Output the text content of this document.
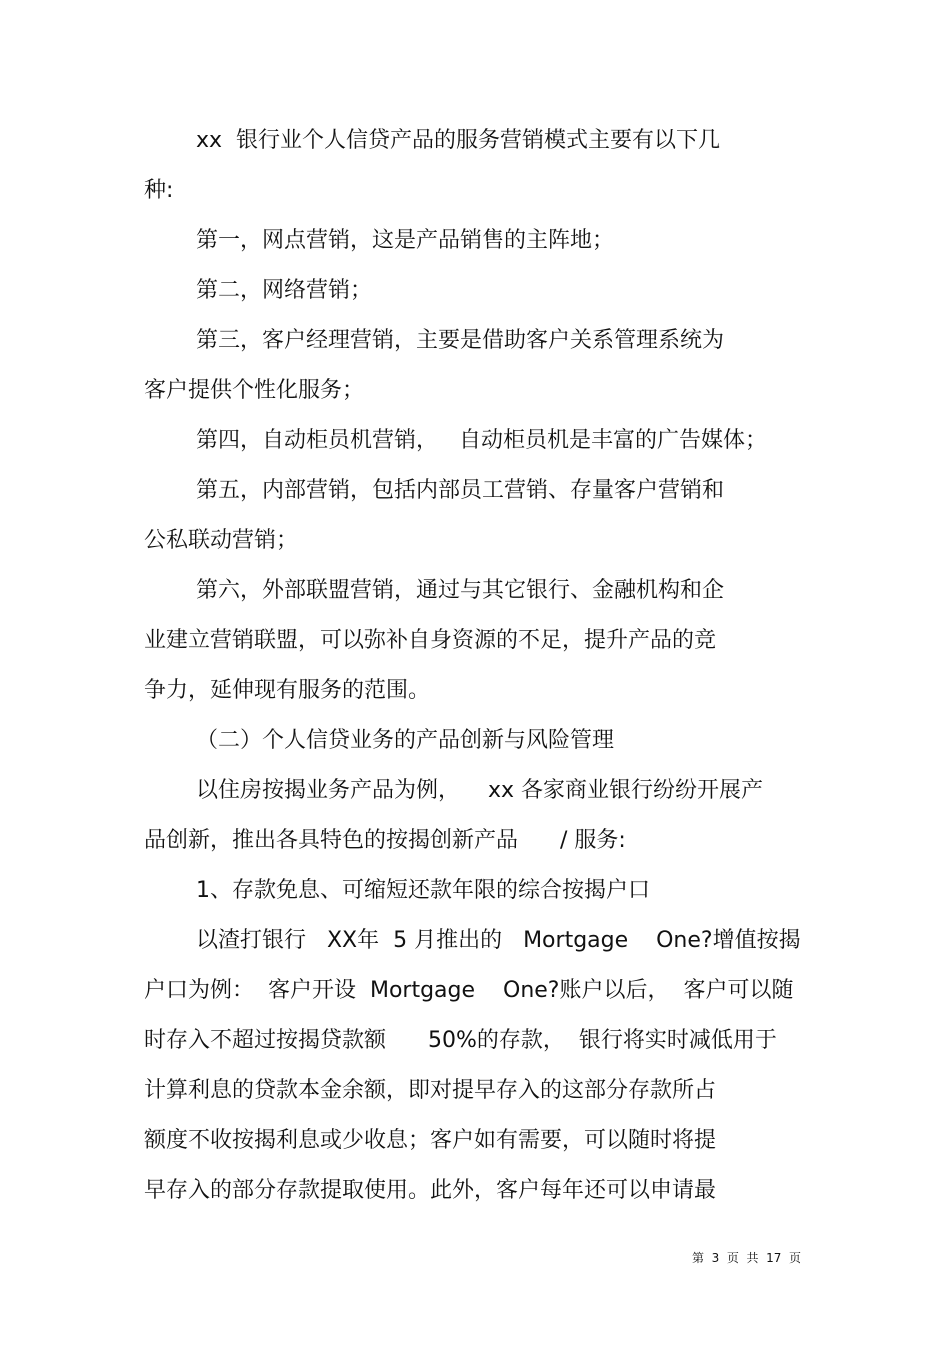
xx  银行业个人信贷产品的服务营销模式主要有以下几
种:
第一，网点营销，这是产品销售的主阵地；
第二，网络营销；
第三，客户经理营销，主要是借助客户关系管理系统为
客户提供个性化服务；
第四，自动柜员机营销，   自动柜员机是丰富的广告媒体；
第五，内部营销，包括内部员工营销、存量客户营销和
公私联动营销；
第六，外部联盟营销，通过与其它银行、金融机构和企
业建立营销联盟，可以弥补自身资源的不足，提升产品的竞
争力，延伸现有服务的范围。
（二）个人信贷业务的产品创新与风险管理
以住房按揭业务产品为例，    xx 各家商业银行纷纷开展产
品创新，推出各具特色的按揭创新产品      / 服务:
1、存款免息、可缩短还款年限的综合按揭户口
以渣打银行   XX年  5 月推出的   Mortgage    One?增值按揭
户口为例：  客户开设  Mortgage    One?账户以后，  客户可以随
时存入不超过按揭贷款额      50%的存款，  银行将实时减低用于
计算利息的贷款本金余额，即对提早存入的这部分存款所占
额度不收按揭利息或少收息；客户如有需要，可以随时将提
早存入的部分存款提取使用。此外，客户每年还可以申请最
第  3  页  共  17  页
